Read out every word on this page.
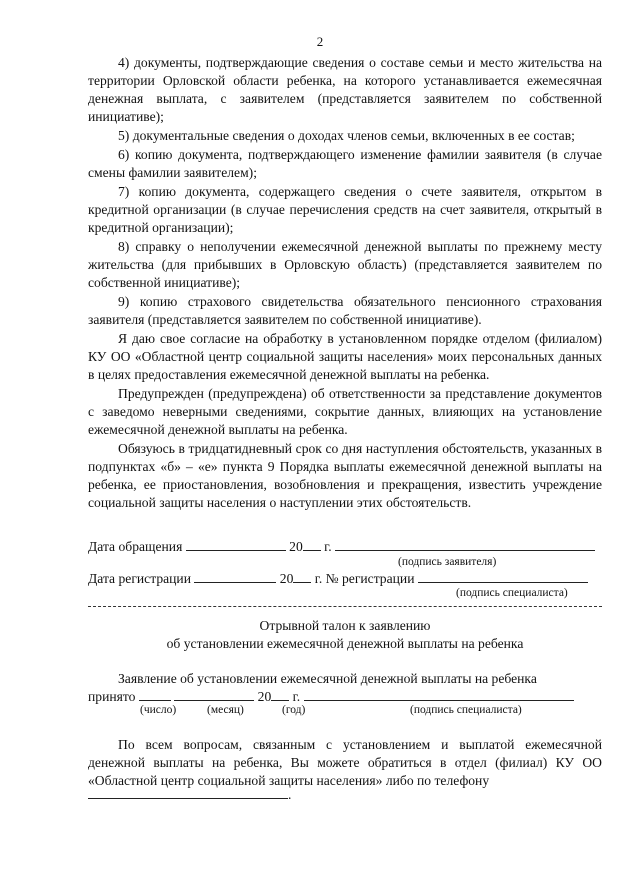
2

4) документы, подтверждающие сведения о составе семьи и место жительства на территории Орловской области ребенка, на которого устанавливается ежемесячная денежная выплата, с заявителем (представляется заявителем по собственной инициативе);

5) документальные сведения о доходах членов семьи, включенных в ее состав;

6) копию документа, подтверждающего изменение фамилии заявителя (в случае смены фамилии заявителем);

7) копию документа, содержащего сведения о счете заявителя, открытом в кредитной организации (в случае перечисления средств на счет заявителя, открытый в кредитной организации);

8) справку о неполучении ежемесячной денежной выплаты по прежнему месту жительства (для прибывших в Орловскую область) (представляется заявителем по собственной инициативе);

9) копию страхового свидетельства обязательного пенсионного страхования заявителя (представляется заявителем по собственной инициативе).

Я даю свое согласие на обработку в установленном порядке отделом (филиалом) КУ ОО «Областной центр социальной защиты населения» моих персональных данных в целях предоставления ежемесячной денежной выплаты на ребенка.

Предупрежден (предупреждена) об ответственности за представление документов с заведомо неверными сведениями, сокрытие данных, влияющих на установление ежемесячной денежной выплаты на ребенка.

Обязуюсь в тридцатидневный срок со дня наступления обстоятельств, указанных в подпунктах «б» – «е» пункта 9 Порядка выплаты ежемесячной денежной выплаты на ребенка, ее приостановления, возобновления и прекращения, известить учреждение социальной защиты населения о наступлении этих обстоятельств.

Дата обращения	20 г.
(подпись заявителя)
Дата регистрации	20 г. № регистрации
(подпись специалиста)
Отрывной талон к заявлению
об установлении ежемесячной денежной выплаты на ребенка

Заявление об установлении ежемесячной денежной выплаты на ребенка

принято	20 г.
(число)	(месяц)	(год)	(подпись специалиста)

По всем вопросам, связанным с установлением и выплатой ежемесячной денежной выплаты на ребенка, Вы можете обратиться в отдел (филиал) КУ ОО «Областной центр социальной защиты населения» либо по телефону

.
